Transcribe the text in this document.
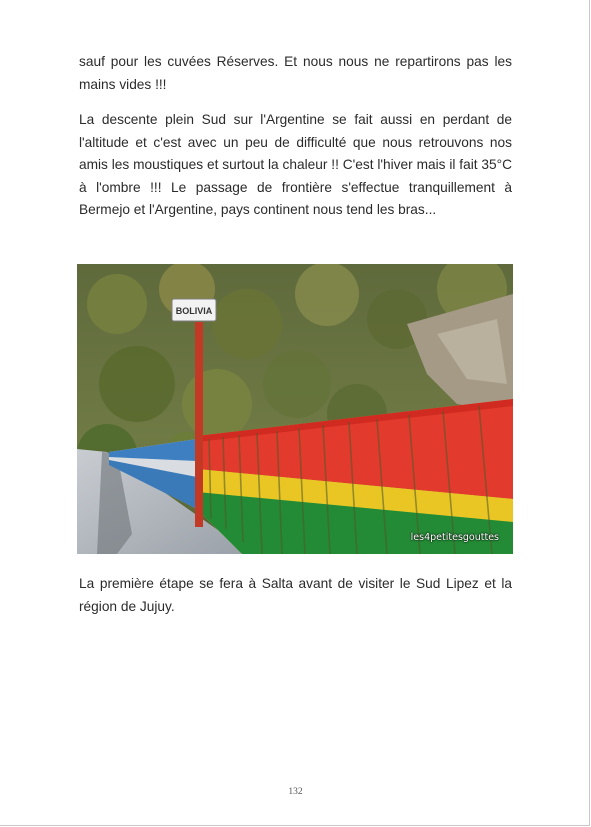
sauf pour les cuvées Réserves. Et nous nous ne repartirons pas les mains vides !!!

La descente plein Sud sur l'Argentine se fait aussi en perdant de l'altitude et c'est avec un peu de difficulté que nous retrouvons nos amis les moustiques et surtout la chaleur !! C'est l'hiver mais il fait 35°C à l'ombre !!! Le passage de frontière s'effectue tranquillement à Bermejo et l'Argentine, pays continent nous tend les bras...

BOLIVIA
les4petitesgouttes

La première étape se fera à Salta avant de visiter le Sud Lipez et la région de Jujuy.

132
